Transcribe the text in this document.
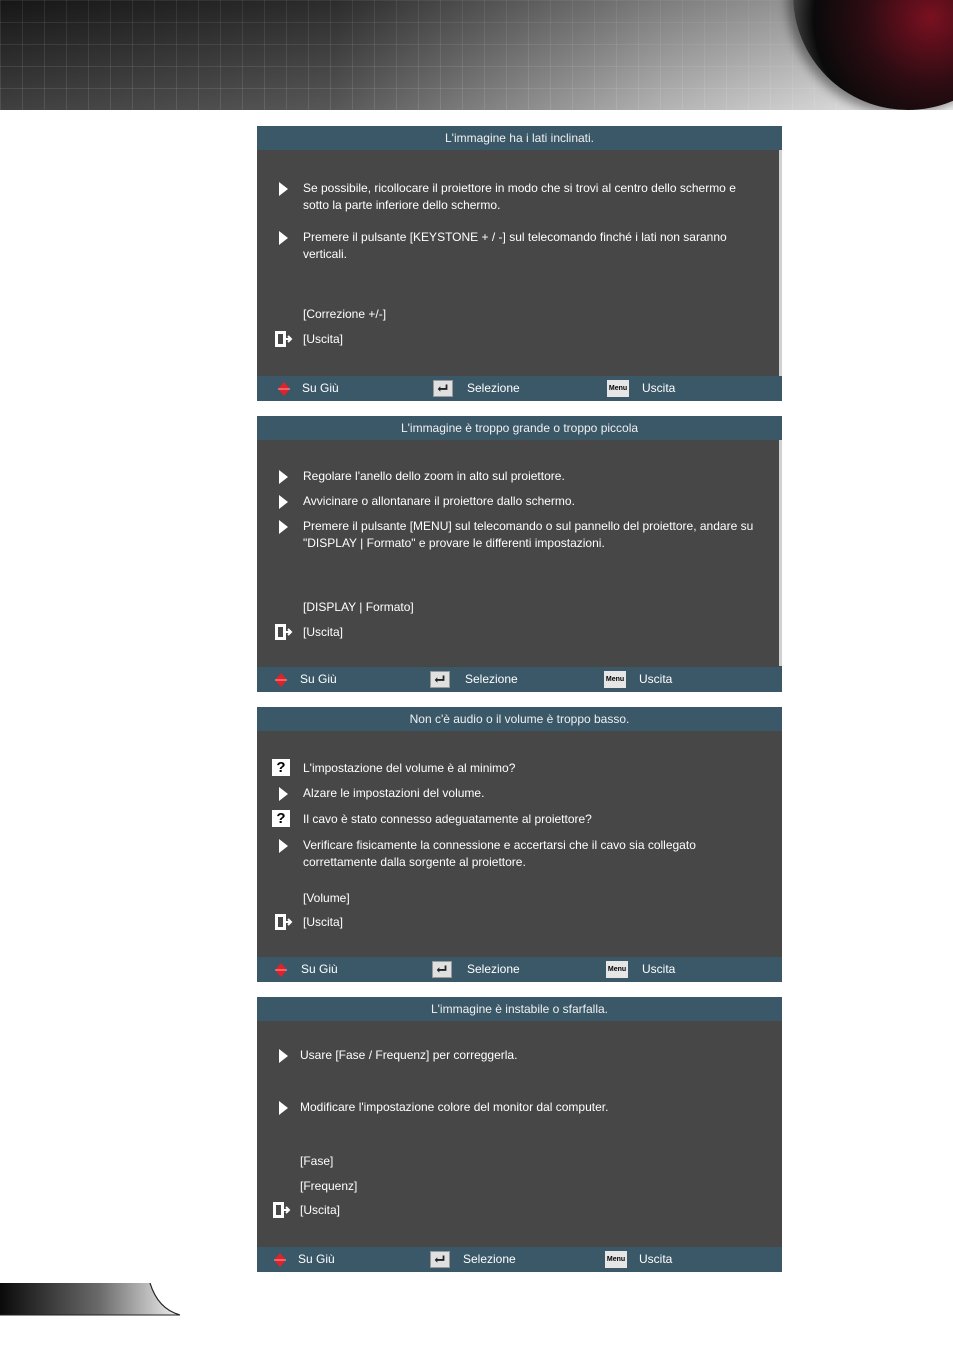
L'immagine ha i lati inclinati.
Se possibile, ricollocare il proiettore in modo che si trovi al centro dello schermo e sotto la parte inferiore dello schermo.
Premere il pulsante [KEYSTONE + / -] sul telecomando finché i lati non saranno verticali.
[Correzione +/-]
[Uscita]
Su Giù	Selezione	Menu Uscita
L'immagine è troppo grande o troppo piccola
Regolare l'anello dello zoom in alto sul proiettore.
Avvicinare o allontanare il proiettore dallo schermo.
Premere il pulsante [MENU] sul telecomando o sul pannello del proiettore, andare su "DISPLAY | Formato" e provare le differenti impostazioni.
[DISPLAY | Formato]
[Uscita]
Su Giù	Selezione	Menu Uscita
Non c'è audio o il volume è troppo basso.
?	L'impostazione del volume è al minimo?
Alzare le impostazioni del volume.
?	Il cavo è stato connesso adeguatamente al proiettore?
Verificare fisicamente la connessione e accertarsi che il cavo sia collegato correttamente dalla sorgente al proiettore.
[Volume]
[Uscita]
Su Giù	Selezione	Menu Uscita
L'immagine è instabile o sfarfalla.
Usare [Fase / Frequenz] per correggerla.
Modificare l'impostazione colore del monitor dal computer.
[Fase]
[Frequenz]
[Uscita]
Su Giù	Selezione	Menu Uscita
